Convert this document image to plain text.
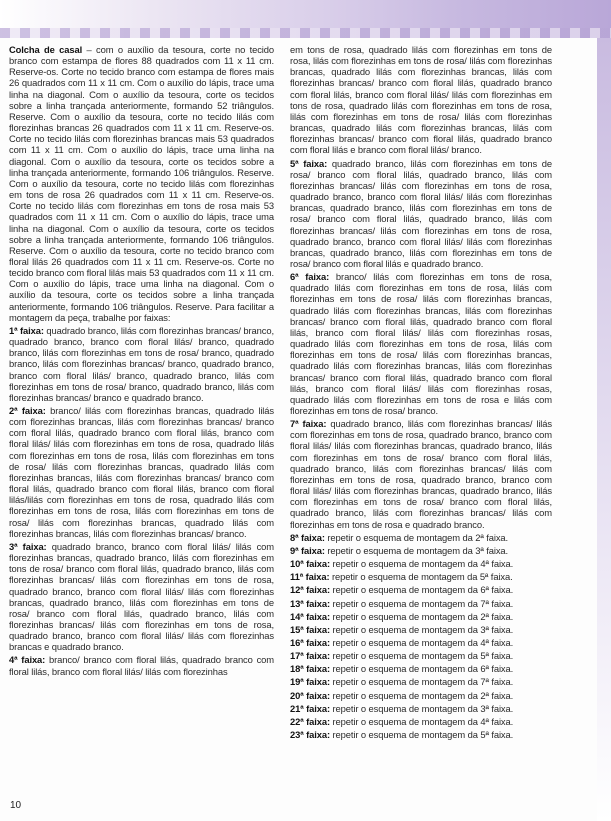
Colcha de casal – com o auxílio da tesoura, corte no tecido branco com estampa de flores 88 quadrados com 11 x 11 cm. Reserve-os. Corte no tecido branco com estampa de flores mais 26 quadrados com 11 x 11 cm. Com o auxílio do lápis, trace uma linha na diagonal. Com o auxílio da tesoura, corte os tecidos sobre a linha trançada anteriormente, formando 52 triângulos. Reserve. Com o auxílio da tesoura, corte no tecido lilás com florezinhas brancas 26 quadrados com 11 x 11 cm. Reserve-os. Corte no tecido lilás com florezinhas brancas mais 53 quadrados com 11 x 11 cm. Com o auxílio do lápis, trace uma linha na diagonal. Com o auxílio da tesoura, corte os tecidos sobre a linha trançada anteriormente, formando 106 triângulos. Reserve. Com o auxílio da tesoura, corte no tecido lilás com florezinhas em tons de rosa 26 quadrados com 11 x 11 cm. Reserve-os. Corte no tecido lilás com florezinhas em tons de rosa mais 53 quadrados com 11 x 11 cm. Com o auxílio do lápis, trace uma linha na diagonal. Com o auxílio da tesoura, corte os tecidos sobre a linha trançada anteriormente, formando 106 triângulos. Reserve. Com o auxílio da tesoura, corte no tecido branco com floral lilás 26 quadrados com 11 x 11 cm. Reserve-os. Corte no tecido branco com floral lilás mais 53 quadrados com 11 x 11 cm. Com o auxílio do lápis, trace uma linha na diagonal. Com o auxílio da tesoura, corte os tecidos sobre a linha trançada anteriormente, formando 106 triângulos. Reserve. Para facilitar a montagem da peça, trabalhe por faixas:

1ª faixa: quadrado branco, lilás com florezinhas brancas/ branco, quadrado branco, branco com floral lilás/ branco, quadrado branco, lilás com florezinhas em tons de rosa/ branco, quadrado branco, lilás com florezinhas brancas/ branco, quadrado branco, branco com floral lilás/ branco, quadrado branco, lilás com florezinhas em tons de rosa/ branco, quadrado branco, lilás com florezinhas brancas/ branco e quadrado branco.

2ª faixa: branco/ lilás com florezinhas brancas, quadrado lilás com florezinhas brancas, lilás com florezinhas brancas/ branco com floral lilás, quadrado branco com floral lilás, branco com floral lilás/ lilás com florezinhas em tons de rosa, quadrado lilás com florezinhas em tons de rosa, lilás com florezinhas em tons de rosa/ lilás com florezinhas brancas, quadrado lilás com florezinhas brancas, lilás com florezinhas brancas/ branco com floral lilás, quadrado branco com floral lilás, branco com floral lilás/lilás com florezinhas em tons de rosa, quadrado lilás com florezinhas em tons de rosa, lilás com florezinhas em tons de rosa/ lilás com florezinhas brancas, quadrado lilás com florezinhas brancas, lilás com florezinhas brancas/ branco.

3ª faixa: quadrado branco, branco com floral lilás/ lilás com florezinhas brancas, quadrado branco, lilás com florezinhas em tons de rosa/ branco com floral lilás, quadrado branco, lilás com florezinhas brancas/ lilás com florezinhas em tons de rosa, quadrado branco, branco com floral lilás/ lilás com florezinhas brancas, quadrado branco, lilás com florezinhas em tons de rosa/ branco com floral lilás, quadrado branco, lilás com florezinhas brancas/ lilás com florezinhas em tons de rosa, quadrado branco, branco com floral lilás/ lilás com florezinhas brancas e quadrado branco.

4ª faixa: branco/ branco com floral lilás, quadrado branco com floral lilás, branco com floral lilás/ lilás com florezinhas

em tons de rosa, quadrado lilás com florezinhas em tons de rosa, lilás com florezinhas em tons de rosa/ lilás com florezinhas brancas, quadrado lilás com florezinhas brancas, lilás com florezinhas brancas/ branco com floral lilás, quadrado branco com floral lilás, branco com floral lilás/ lilás com florezinhas em tons de rosa, quadrado lilás com florezinhas em tons de rosa, lilás com florezinhas em tons de rosa/ lilás com florezinhas brancas, quadrado lilás com florezinhas brancas, lilás com florezinhas brancas/ branco com floral lilás, quadrado branco com floral lilás e branco com floral lilás/ branco.

5ª faixa: quadrado branco, lilás com florezinhas em tons de rosa/ branco com floral lilás, quadrado branco, lilás com florezinhas brancas/ lilás com florezinhas em tons de rosa, quadrado branco, branco com floral lilás/ lilás com florezinhas brancas, quadrado branco, lilás com florezinhas em tons de rosa/ branco com floral lilás, quadrado branco, lilás com florezinhas brancas/ lilás com florezinhas em tons de rosa, quadrado branco, branco com floral lilás/ lilás com florezinhas brancas, quadrado branco, lilás com florezinhas em tons de rosa/ branco com floral lilás e quadrado branco.

6ª faixa: branco/ lilás com florezinhas em tons de rosa, quadrado lilás com florezinhas em tons de rosa, lilás com florezinhas em tons de rosa/ lilás com florezinhas brancas, quadrado lilás com florezinhas brancas, lilás com florezinhas brancas/ branco com floral lilás, quadrado branco com floral lilás, branco com floral lilás/ lilás com florezinhas rosas, quadrado lilás com florezinhas em tons de rosa, lilás com florezinhas em tons de rosa/ lilás com florezinhas brancas, quadrado lilás com florezinhas brancas, lilás com florezinhas brancas/ branco com floral lilás, quadrado branco com floral lilás, branco com floral lilás/ lilás com florezinhas rosas, quadrado lilás com florezinhas em tons de rosa e lilás com florezinhas em tons de rosa/ branco.

7ª faixa: quadrado branco, lilás com florezinhas brancas/ lilás com florezinhas em tons de rosa, quadrado branco, branco com floral lilás/ lilás com florezinhas brancas, quadrado branco, lilás com florezinhas em tons de rosa/ branco com floral lilás, quadrado branco, lilás com florezinhas brancas/ lilás com florezinhas em tons de rosa, quadrado branco, branco com floral lilás/ lilás com florezinhas brancas, quadrado branco, lilás com florezinhas em tons de rosa/ branco com floral lilás, quadrado branco, lilás com florezinhas brancas/ lilás com florezinhas em tons de rosa e quadrado branco.

8ª faixa: repetir o esquema de montagem da 2ª faixa.

9ª faixa: repetir o esquema de montagem da 3ª faixa.

10ª faixa: repetir o esquema de montagem da 4ª faixa.

11ª faixa: repetir o esquema de montagem da 5ª faixa.

12ª faixa: repetir o esquema de montagem da 6ª faixa.

13ª faixa: repetir o esquema de montagem da 7ª faixa.

14ª faixa: repetir o esquema de montagem da 2ª faixa.

15ª faixa: repetir o esquema de montagem da 3ª faixa.

16ª faixa: repetir o esquema de montagem da 4ª faixa.

17ª faixa: repetir o esquema de montagem da 5ª faixa.

18ª faixa: repetir o esquema de montagem da 6ª faixa.

19ª faixa: repetir o esquema de montagem da 7ª faixa.

20ª faixa: repetir o esquema de montagem da 2ª faixa.

21ª faixa: repetir o esquema de montagem da 3ª faixa.

22ª faixa: repetir o esquema de montagem da 4ª faixa.

23ª faixa: repetir o esquema de montagem da 5ª faixa.

10
